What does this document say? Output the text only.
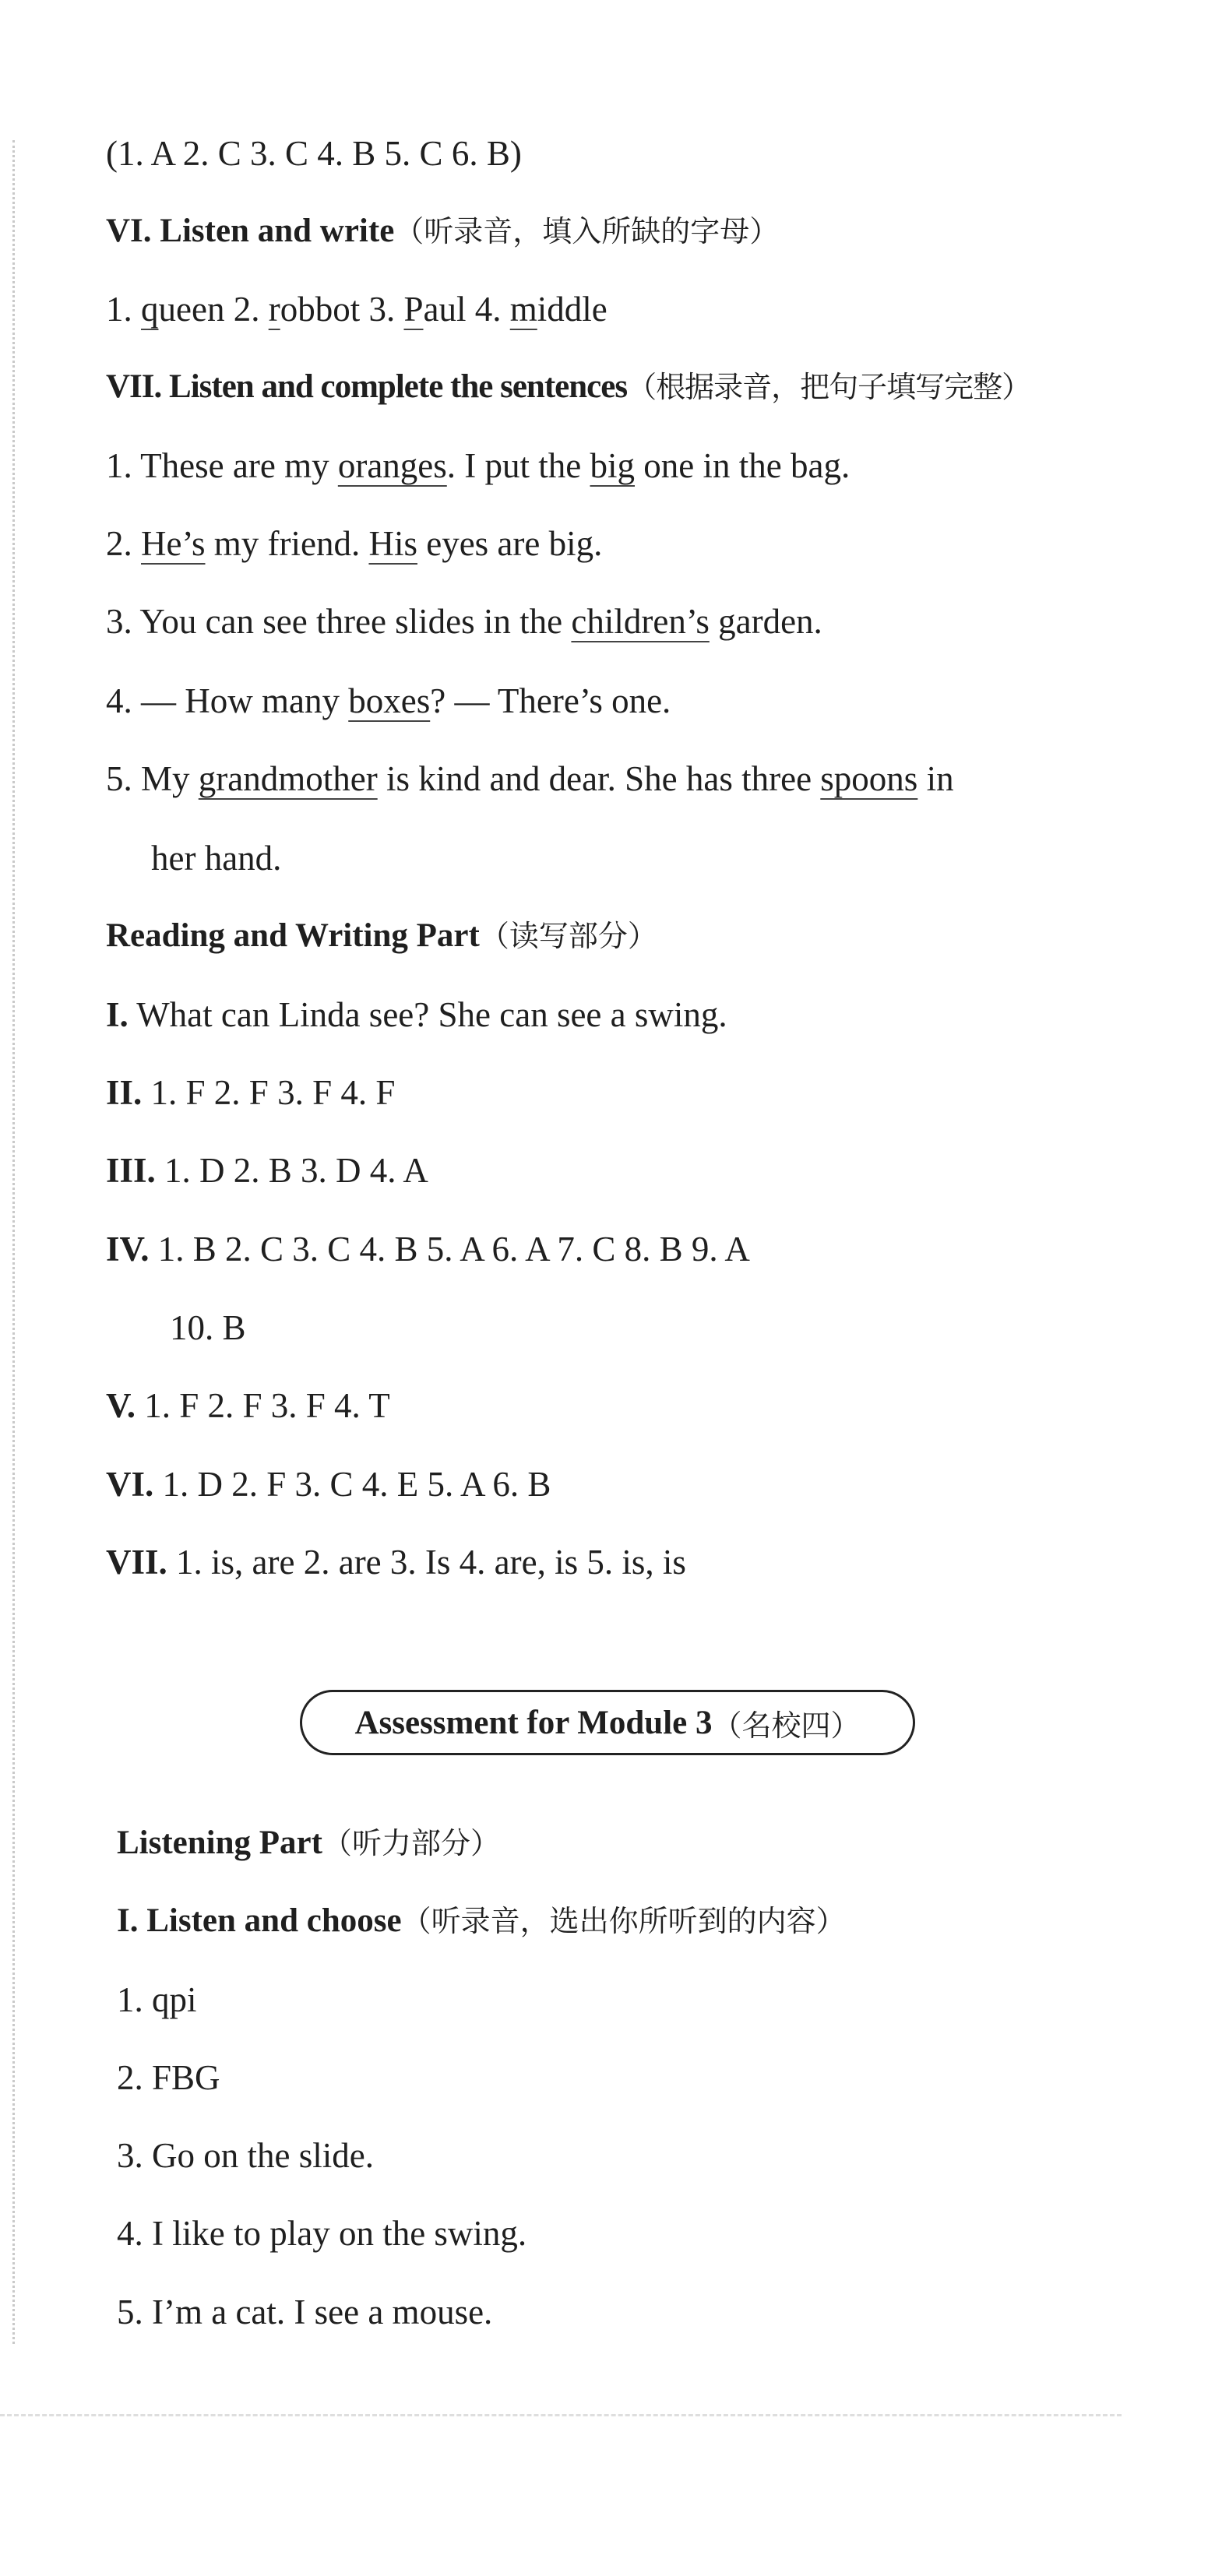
(1. A 2. C 3. C 4. B 5. C 6. B)
VI. Listen and write（听录音，填入所缺的字母）
1. queen 2. robbot 3. Paul 4. middle
VII. Listen and complete the sentences（根据录音，把句子填写完整）
1. These are my oranges. I put the big one in the bag.
2. He’s my friend. His eyes are big.
3. You can see three slides in the children’s garden.
4. — How many boxes? — There’s one.
5. My grandmother is kind and dear. She has three spoons in
her hand.
Reading and Writing Part（读写部分）
I. What can Linda see? She can see a swing.
II. 1. F 2. F 3. F 4. F
III. 1. D 2. B 3. D 4. A
IV. 1. B 2. C 3. C 4. B 5. A 6. A 7. C 8. B 9. A
10. B
V. 1. F 2. F 3. F 4. T
VI. 1. D 2. F 3. C 4. E 5. A 6. B
VII. 1. is, are 2. are 3. Is 4. are, is 5. is, is
Assessment for Module 3 （名校四）
Listening Part（听力部分）
I. Listen and choose（听录音，选出你所听到的内容）
1. qpi
2. FBG
3. Go on the slide.
4. I like to play on the swing.
5. I’m a cat. I see a mouse.
